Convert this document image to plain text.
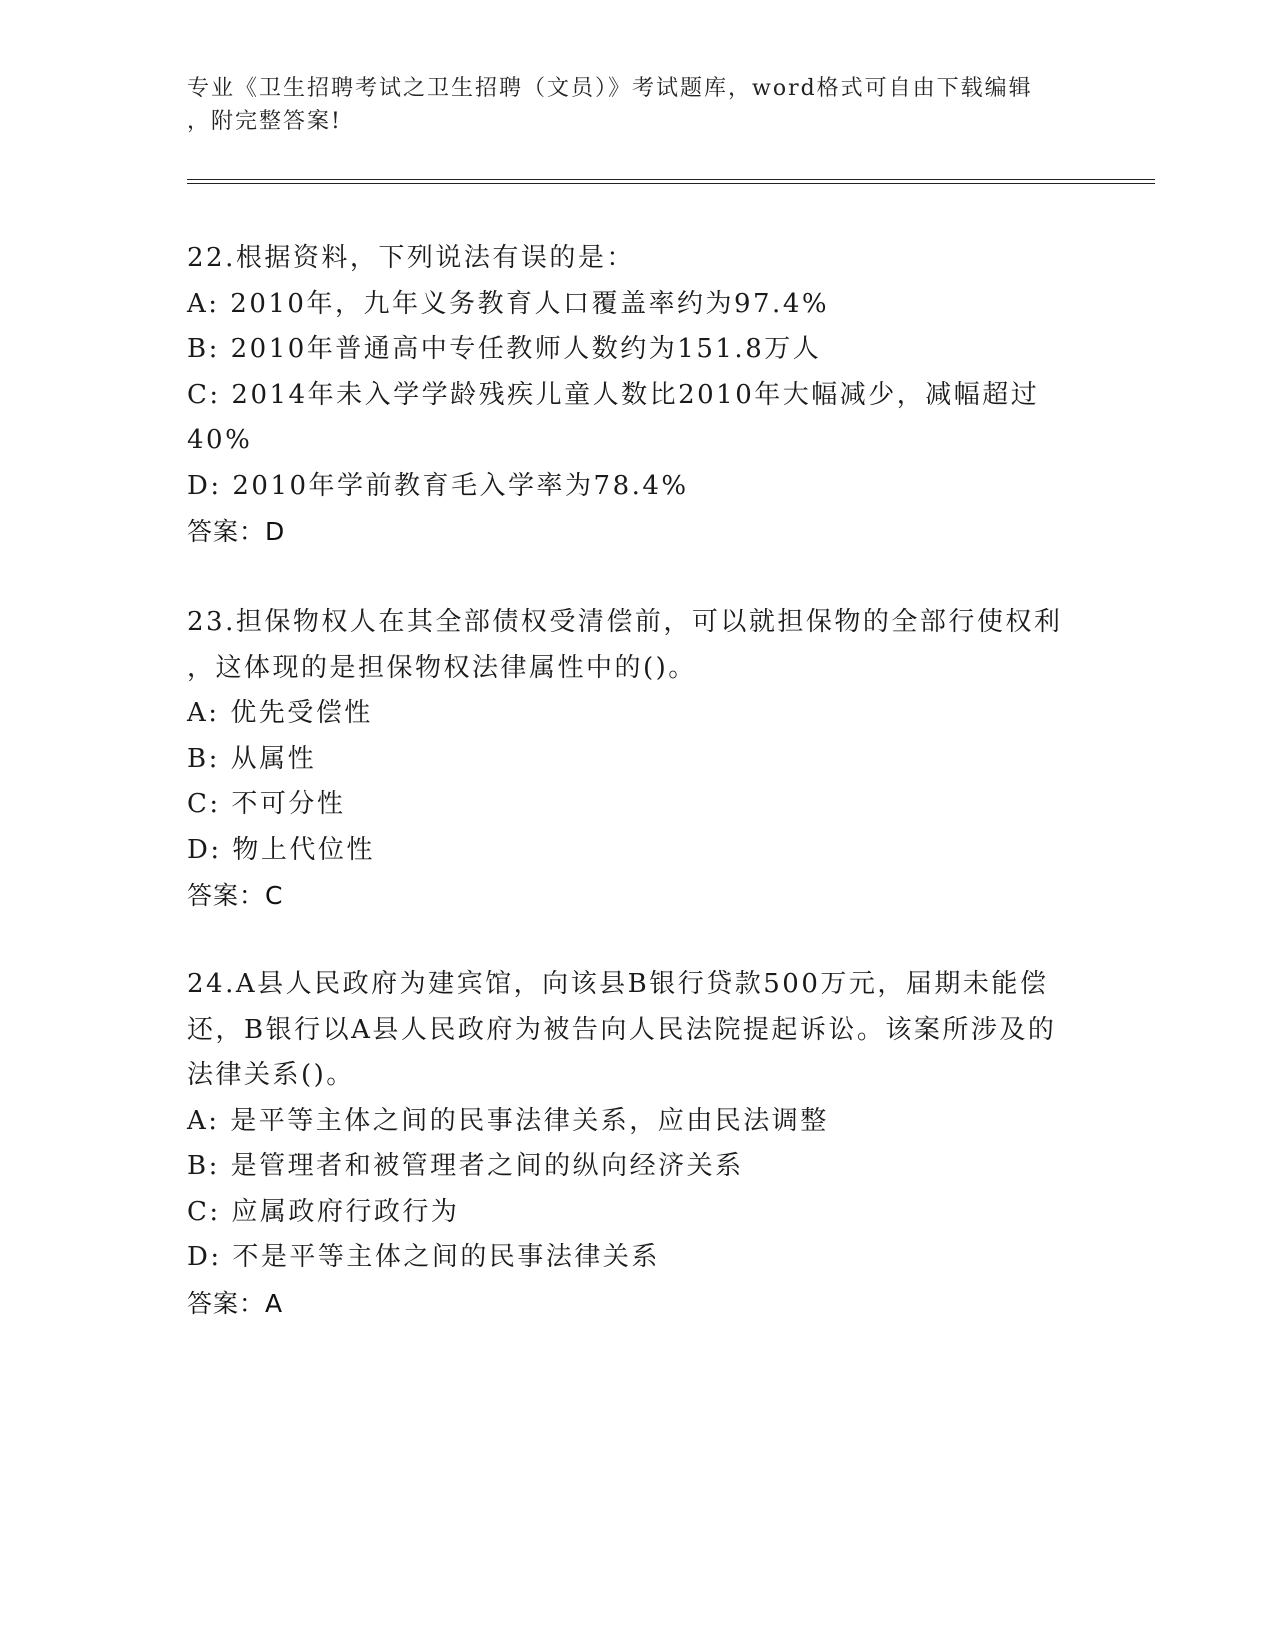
专业《卫生招聘考试之卫生招聘（文员）》考试题库，word格式可自由下载编辑
，附完整答案!
22.根据资料，下列说法有误的是：
A: 2010年，九年义务教育人口覆盖率约为97.4%
B: 2010年普通高中专任教师人数约为151.8万人
C: 2014年未入学学龄残疾儿童人数比2010年大幅减少，减幅超过
40%
D: 2010年学前教育毛入学率为78.4%
答案：D
23.担保物权人在其全部债权受清偿前，可以就担保物的全部行使权利
，这体现的是担保物权法律属性中的()。
A: 优先受偿性
B: 从属性
C: 不可分性
D: 物上代位性
答案：C
24.A县人民政府为建宾馆，向该县B银行贷款500万元，届期未能偿
还，B银行以A县人民政府为被告向人民法院提起诉讼。该案所涉及的
法律关系()。
A: 是平等主体之间的民事法律关系，应由民法调整
B: 是管理者和被管理者之间的纵向经济关系
C: 应属政府行政行为
D: 不是平等主体之间的民事法律关系
答案：A
